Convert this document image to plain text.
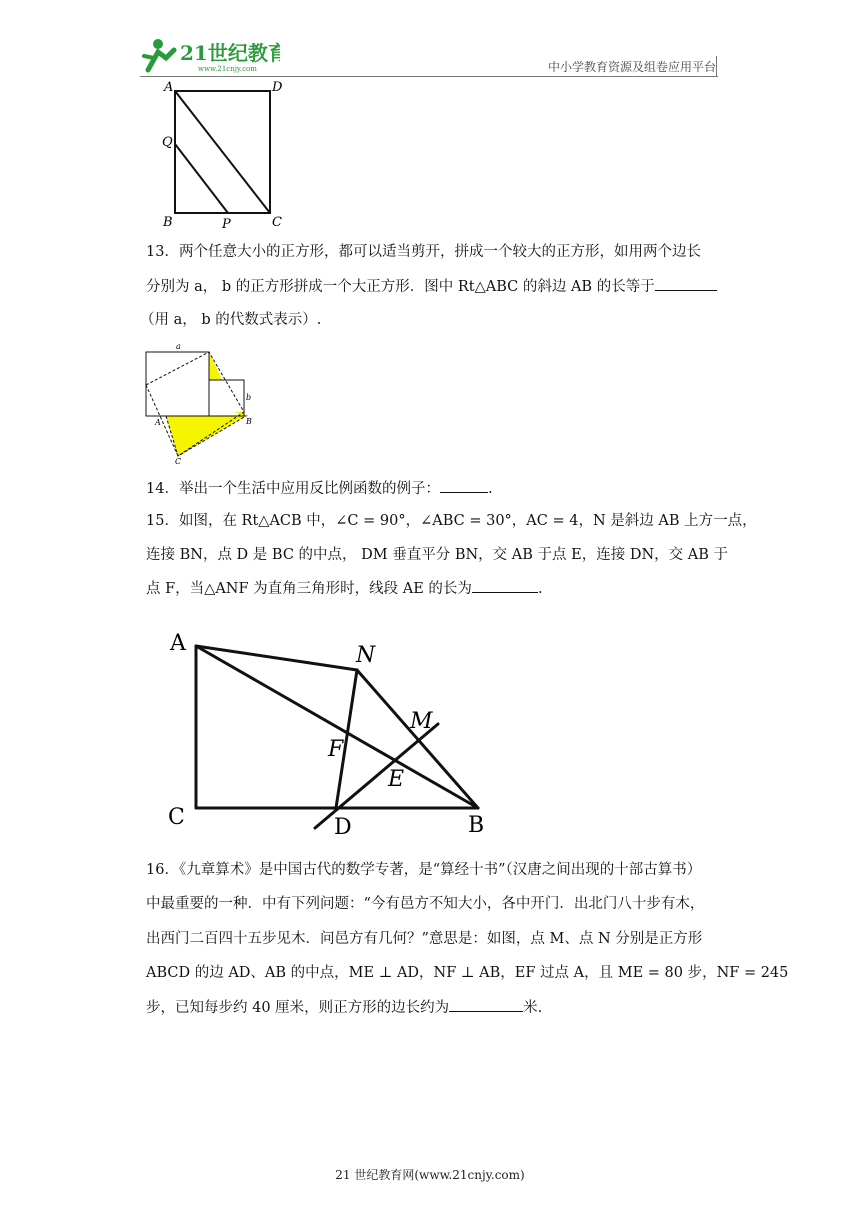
21世纪教育
www.21cnjy.com	中小学教育资源及组卷应用平台
A	D
Q
B	P	C
13．两个任意大小的正方形，都可以适当剪开，拼成一个较大的正方形，如用两个边长
分别为 a， b 的正方形拼成一个大正方形．图中 Rt△ABC 的斜边 AB 的长等于
（用 a， b 的代数式表示）.
a
b
A	B
C
14．举出一个生活中应用反比例函数的例子：	.
15．如图，在 Rt△ACB 中，∠C = 90°，∠ABC = 30°，AC = 4，N 是斜边 AB 上方一点，
连接 BN，点 D 是 BC 的中点， DM 垂直平分 BN，交 AB 于点 E，连接 DN，交 AB 于
点 F，当△ANF 为直角三角形时，线段 AE 的长为	.
A	N
M
F
E
C	D	B
16．《九章算术》是中国古代的数学专著，是“算经十书”（汉唐之间出现的十部古算书）
中最重要的一种．中有下列问题：“今有邑方不知大小，各中开门．出北门八十步有木，
出西门二百四十五步见木．问邑方有几何？”意思是：如图，点 M、点 N 分别是正方形
ABCD 的边 AD、AB 的中点，ME ⊥ AD，NF ⊥ AB，EF 过点 A，且 ME = 80 步，NF = 245
步，已知每步约 40 厘米，则正方形的边长约为	米.
21 世纪教育网(www.21cnjy.com)
